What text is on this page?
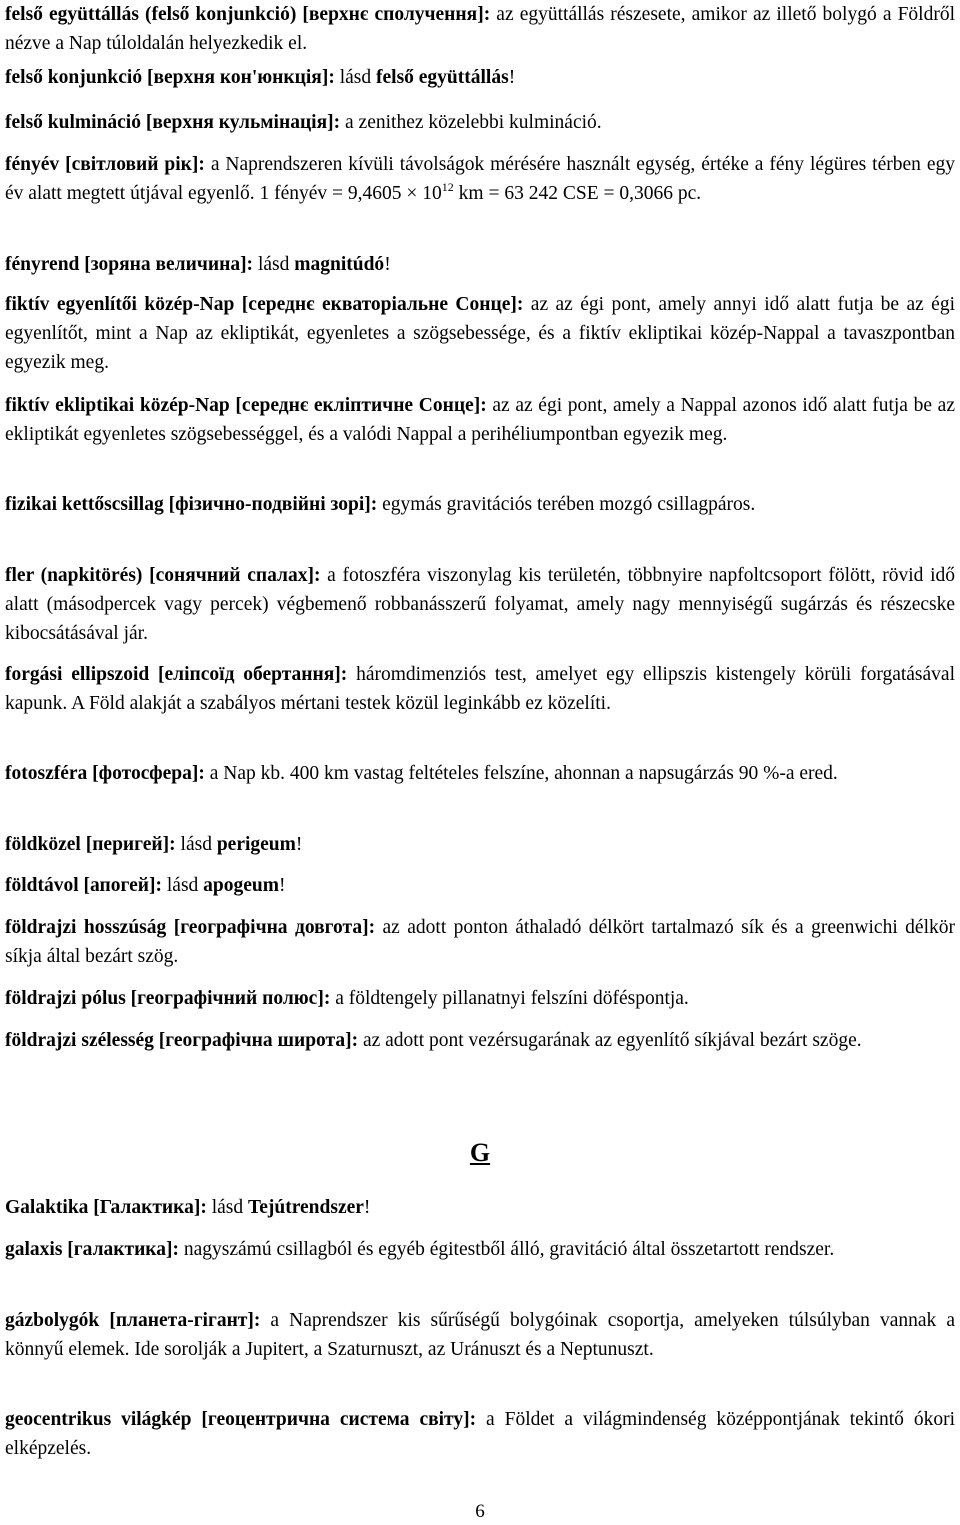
felső együttállás (felső konjunkció) [верхнє сполучення]: az együttállás részesete, amikor az illető bolygó a Földről nézve a Nap túloldalán helyezkedik el.

felső konjunkció [верхня кон'юнкція]: lásd felső együttállás!

felső kulmináció [верхня кульмінація]: a zenithez közelebbi kulmináció.

fényév [світловий рік]: a Naprendszeren kívüli távolságok mérésére használt egység, értéke a fény légüres térben egy év alatt megtett útjával egyenlő. 1 fényév = $9,4605 \times 10^{12}$ km = 63 242 CSE = 0,3066 pc.

fényrend [зоряна величина]: lásd magnitúdó!

fiktív egyenlítői közép-Nap [середнє екваторіальне Сонце]: az az égi pont, amely annyi idő alatt futja be az égi egyenlítőt, mint a Nap az ekliptikát, egyenletes a szögsebessége, és a fiktív ekliptikai közép-Nappal a tavaszpontban egyezik meg.

fiktív ekliptikai közép-Nap [середнє екліптичне Сонце]: az az égi pont, amely a Nappal azonos idő alatt futja be az ekliptikát egyenletes szögsebességgel, és a valódi Nappal a perihéliumpontban egyezik meg.

fizikai kettőscsillag [фізично-подвійні зорі]: egymás gravitációs terében mozgó csillagpáros.

fler (napkitörés) [сонячний спалах]: a fotoszféra viszonylag kis területén, többnyire napfoltcsoport fölött, rövid idő alatt (másodpercek vagy percek) végbemenő robbanásszerű folyamat, amely nagy mennyiségű sugárzás és részecske kibocsátásával jár.

forgási ellipszoid [еліпсоїд обертання]: háromdimenziós test, amelyet egy ellipszis kistengely körüli forgatásával kapunk. A Föld alakját a szabályos mértani testek közül leginkább ez közelíti.

fotoszféra [фотосфера]: a Nap kb. 400 km vastag feltételes felszíne, ahonnan a napsugárzás 90 %-a ered.

földközel [перигей]: lásd perigeum!

földtávol [апогей]: lásd apogeum!

földrajzi hosszúság [географічна довгота]: az adott ponton áthaladó délkört tartalmazó sík és a greenwichi délkör síkja által bezárt szög.

földrajzi pólus [географічний полюс]: a földtengely pillanatnyi felszíni döféspontja.

földrajzi szélesség [географічна широта]: az adott pont vezérsugarának az egyenlítő síkjával bezárt szöge.

Galaktika [Галактика]: lásd Tejútrendszer!

galaxis [галактика]: nagyszámú csillagból és egyéb égitestből álló, gravitáció által összetartott rendszer.

gázbolygók [планета-гігант]: a Naprendszer kis sűrűségű bolygóinak csoportja, amelyeken túlsúlyban vannak a könnyű elemek. Ide sorolják a Jupitert, a Szaturnuszt, az Uránuszt és a Neptunuszt.

geocentrikus világkép [геоцентрична система світу]: a Földet a világmindenség középpontjának tekintő ókori elképzelés.

G
6
